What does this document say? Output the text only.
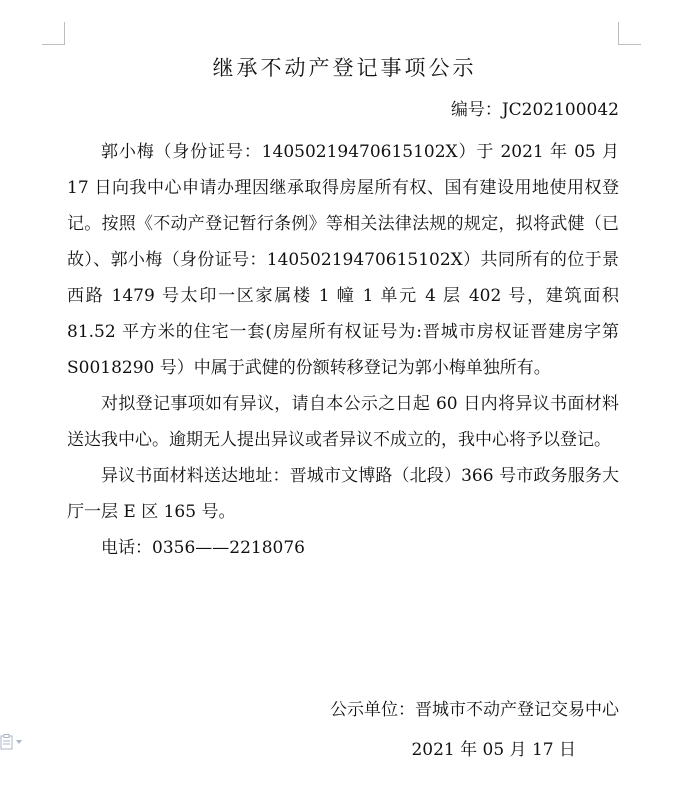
继承不动产登记事项公示
编号：JC202100042

郭小梅（身份证号：14050219470615102X）于 2021 年 05 月 17 日向我中心申请办理因继承取得房屋所有权、国有建设用地使用权登记。按照《不动产登记暂行条例》等相关法律法规的规定，拟将武健（已故）、郭小梅（身份证号：14050219470615102X）共同所有的位于景西路 1479 号太印一区家属楼 1 幢 1 单元 4 层 402 号，建筑面积 81.52 平方米的住宅一套(房屋所有权证号为:晋城市房权证晋建房字第 S0018290 号）中属于武健的份额转移登记为郭小梅单独所有。

对拟登记事项如有异议，请自本公示之日起 60 日内将异议书面材料送达我中心。逾期无人提出异议或者异议不成立的，我中心将予以登记。

异议书面材料送达地址：晋城市文博路（北段）366 号市政务服务大厅一层 E 区 165 号。

电话：0356——2218076

公示单位：晋城市不动产登记交易中心
2021 年 05 月 17 日
